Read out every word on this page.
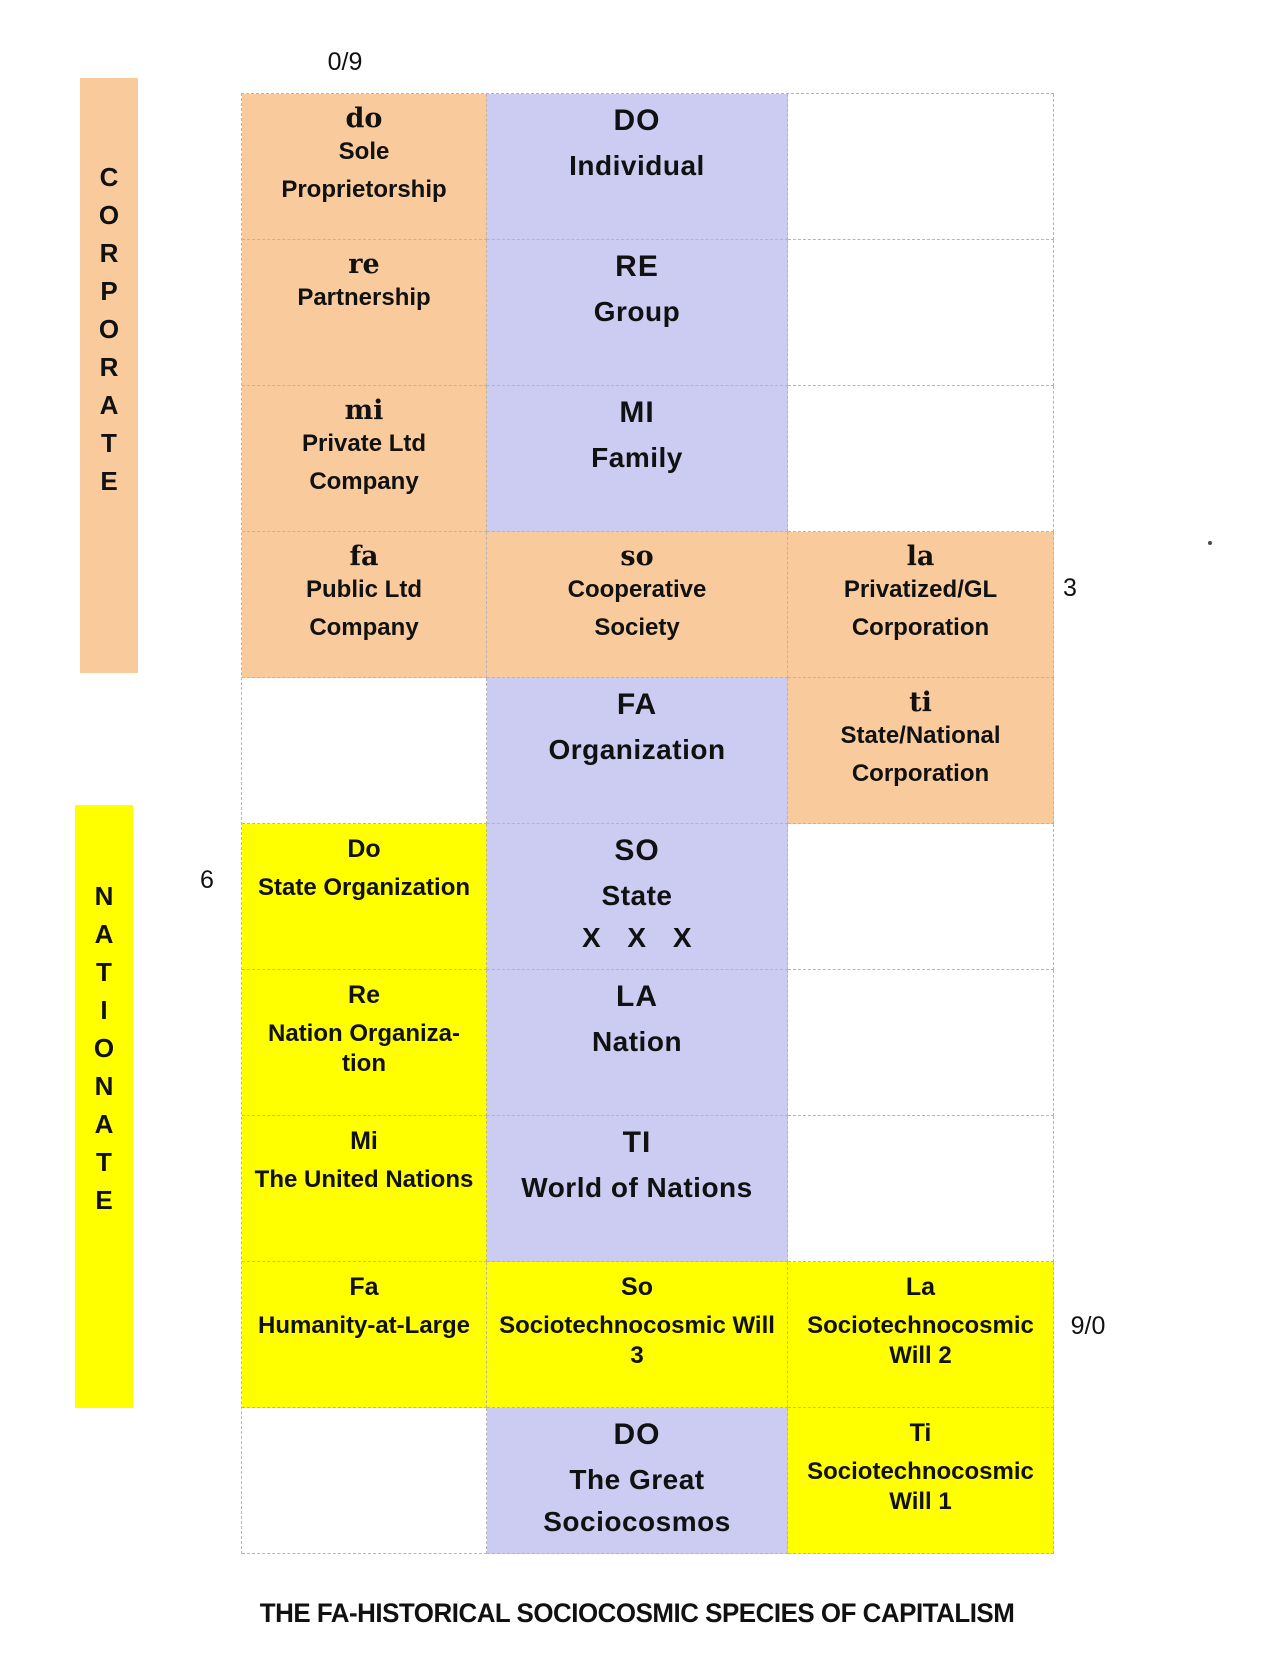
C
O
R
P
O
R
A
T
E
N
A
T
I
O
N
A
T
E
0/9
3
6
9/0
do
Sole
Proprietorship
DO
Individual
re
Partnership
RE
Group
mi
Private Ltd
Company
MI
Family
fa
Public Ltd
Company
so
Cooperative
Society
la
Privatized/GL
Corporation
FA
Organization
ti
State/National
Corporation
Do
State Organization
SO
State
X X X
Re
Nation Organiza-
tion
LA
Nation
Mi
The United Nations
TI
World of Nations
Fa
Humanity-at-Large
So
Sociotechnocosmic Will
3
La
Sociotechnocosmic
Will 2
DO
The Great
Sociocosmos
Ti
Sociotechnocosmic
Will 1
THE FA-HISTORICAL SOCIOCOSMIC SPECIES OF CAPITALISM
